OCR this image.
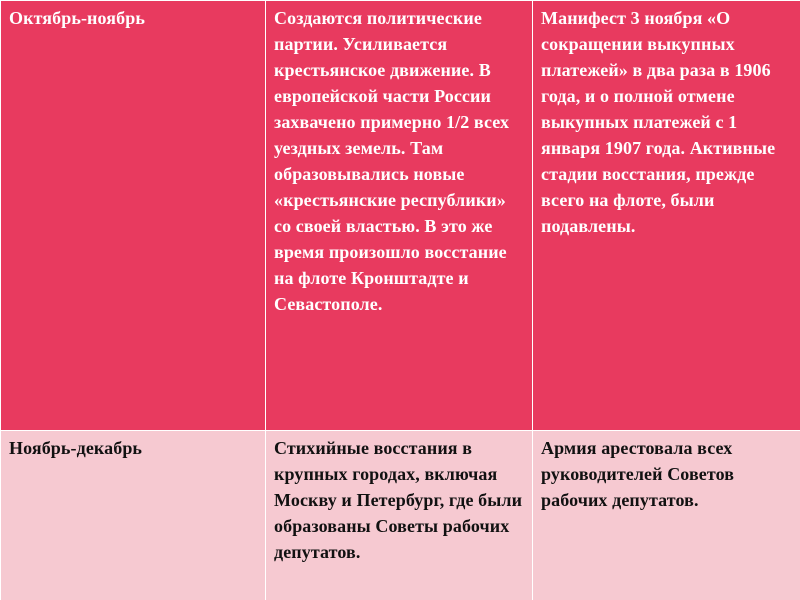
Октябрь-ноябрь	Создаются политические партии. Усиливается крестьянское движение. В европейской части России захвачено примерно 1/2 всех уездных земель. Там образовывались новые «крестьянские республики» со своей властью. В это же время произошло восстание на флоте Кронштадте и Севастополе.	Манифест 3 ноября «О сокращении выкупных платежей» в два раза в 1906 года, и о полной отмене выкупных платежей с 1 января 1907 года. Активные стадии восстания, прежде всего на флоте, были подавлены.

Ноябрь-декабрь	Стихийные восстания в крупных городах, включая Москву и Петербург, где были образованы Советы рабочих депутатов.	Армия арестовала всех руководителей Советов рабочих депутатов.
